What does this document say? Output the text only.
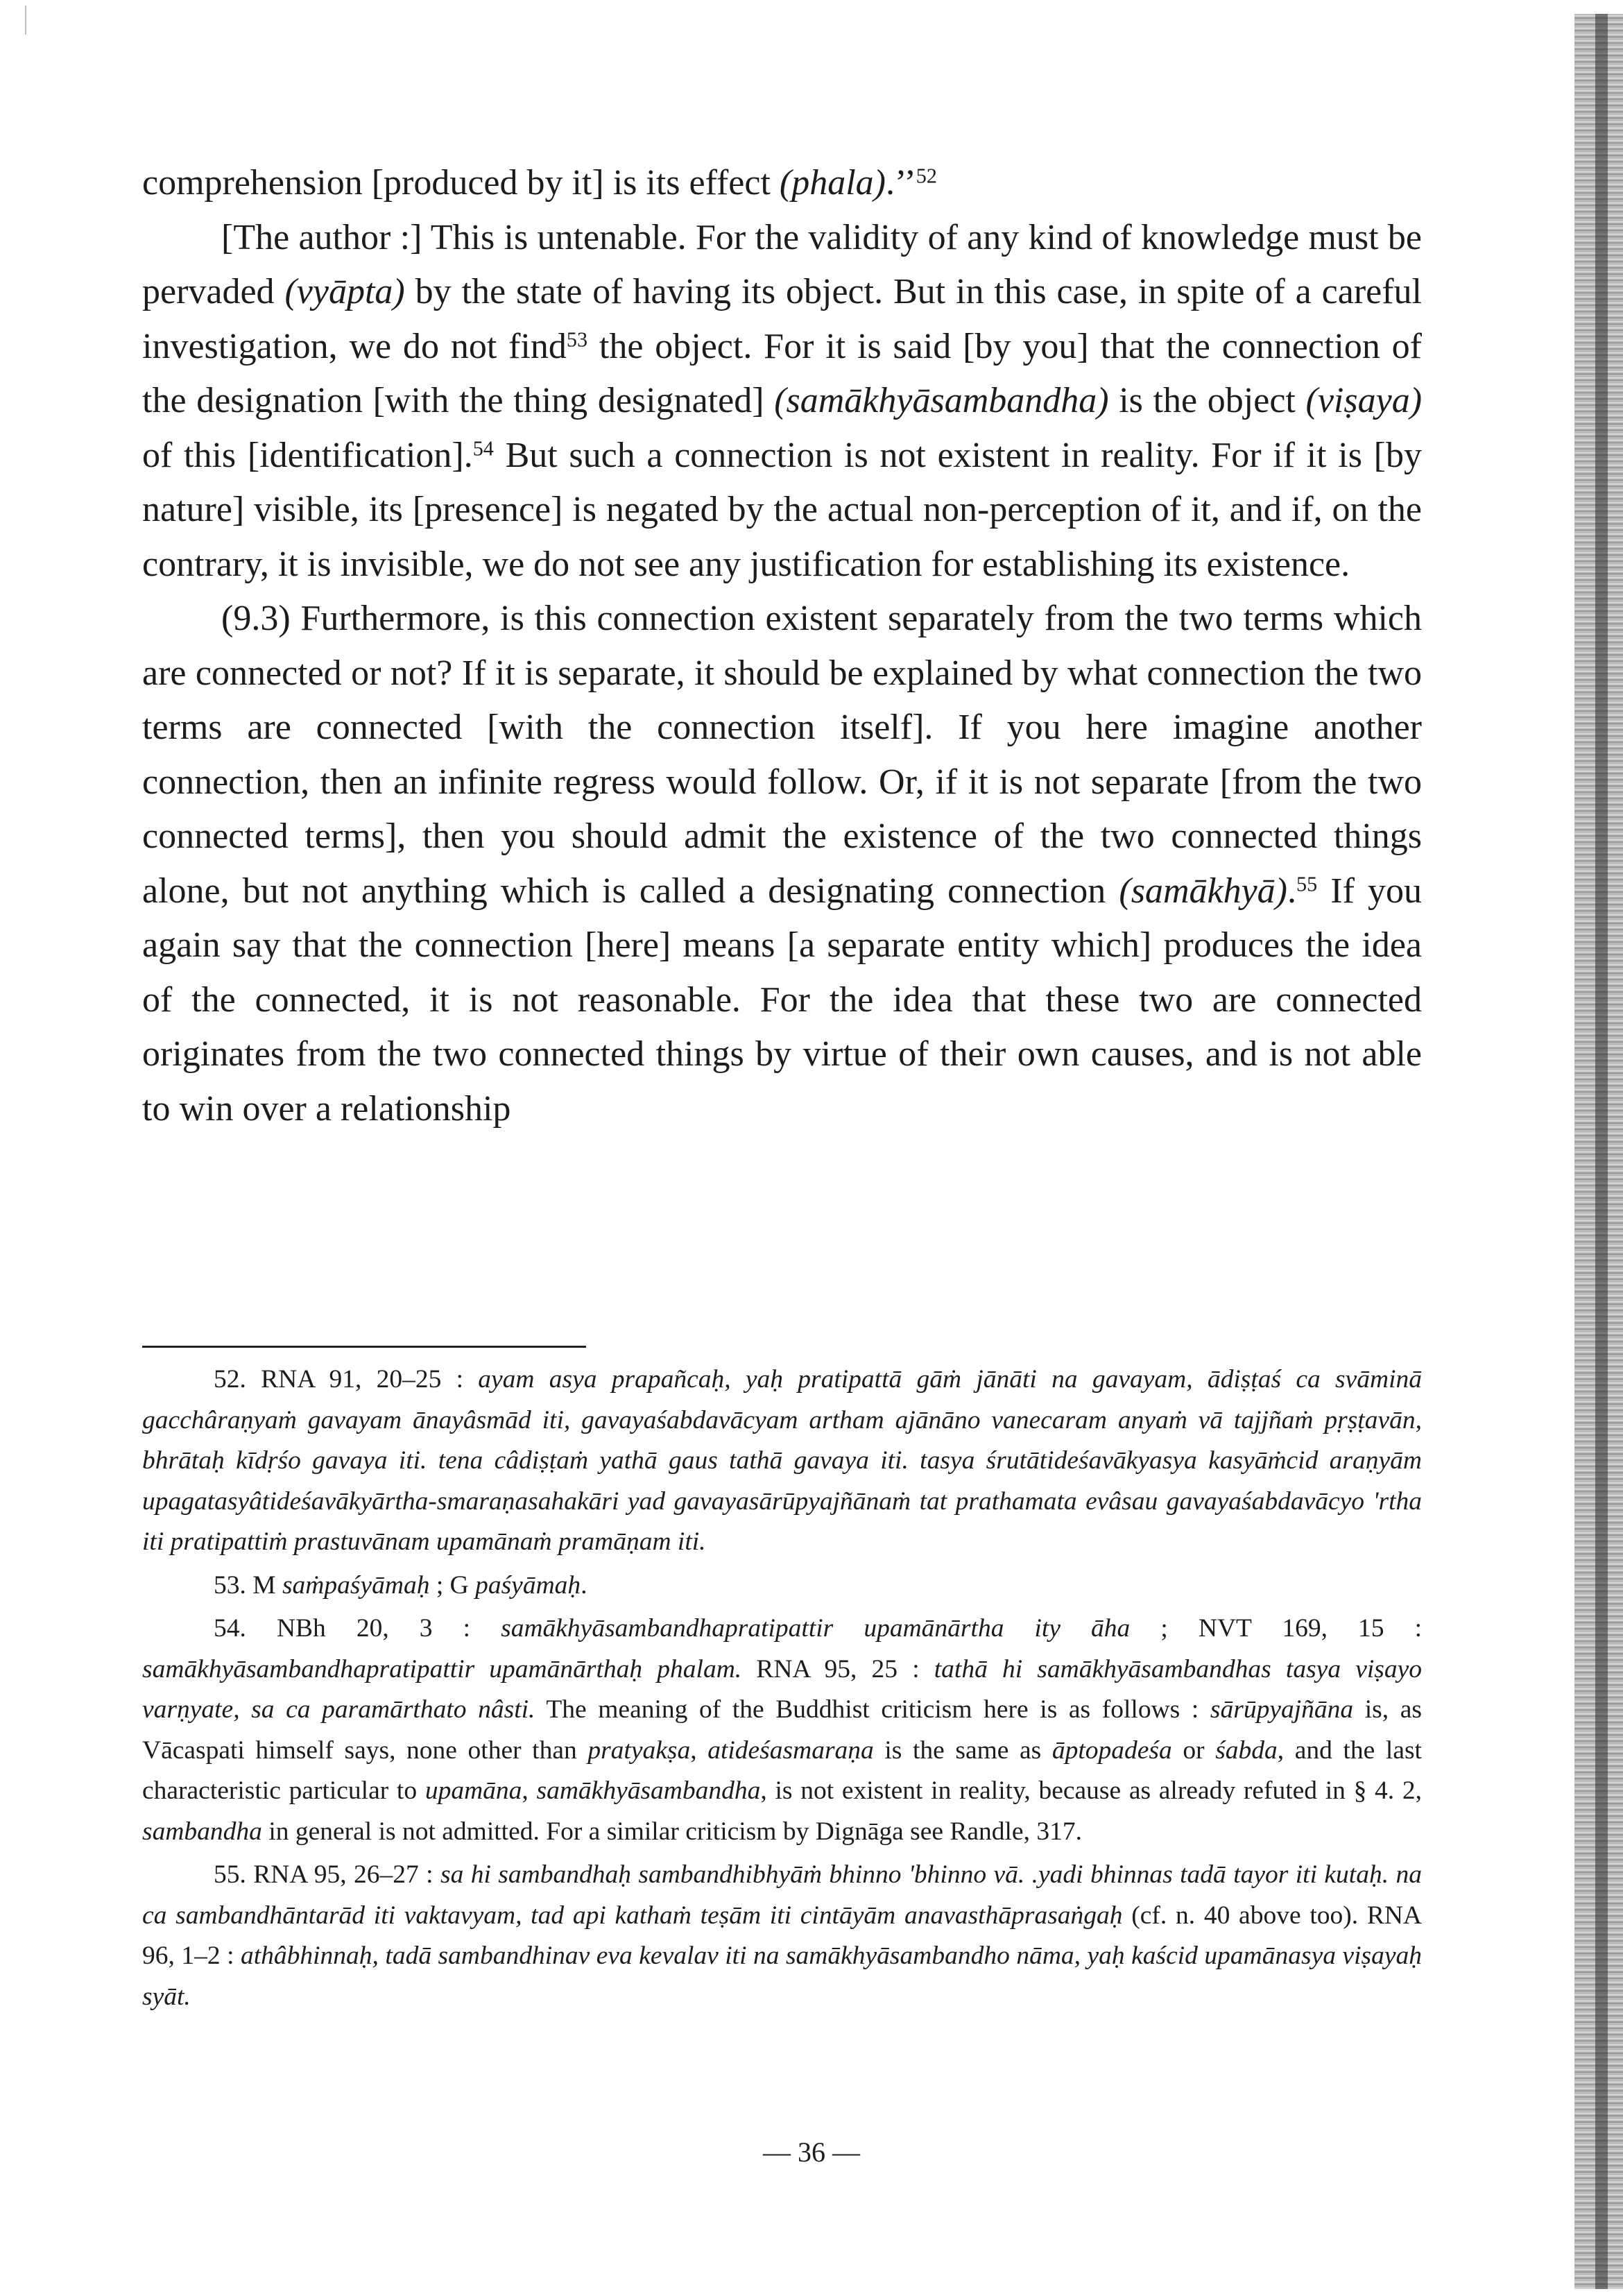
comprehension [produced by it] is its effect (phala).’’$^{52}$

[The author :] This is untenable. For the validity of any kind of knowledge must be pervaded (vyāpta) by the state of having its object. But in this case, in spite of a careful investigation, we do not find$^{53}$ the object. For it is said [by you] that the connection of the designation [with the thing designated] (samākhyāsambandha) is the object (viṣaya) of this [identification].$^{54}$ But such a connection is not existent in reality. For if it is [by nature] visible, its [presence] is negated by the actual non-perception of it, and if, on the contrary, it is invisible, we do not see any justification for establishing its existence.

(9.3) Furthermore, is this connection existent separately from the two terms which are connected or not? If it is separate, it should be explained by what connection the two terms are connected [with the connection itself]. If you here imagine another connection, then an infinite regress would follow. Or, if it is not separate [from the two connected terms], then you should admit the existence of the two connected things alone, but not anything which is called a designating connection (samākhyā).$^{55}$ If you again say that the connection [here] means [a separate entity which] produces the idea of the connected, it is not reasonable. For the idea that these two are connected originates from the two connected things by virtue of their own causes, and is not able to win over a relationship

52. RNA 91, 20–25 : ayam asya prapañcaḥ, yaḥ pratipattā gāṁ jānāti na gavayam, ādiṣṭaś ca svāminā gacchâraṇyaṁ gavayam ānayâsmād iti, gavayaśabdavācyam artham ajānāno vanecaram anyaṁ vā tajjñaṁ pṛṣṭavān, bhrātaḥ kīdṛśo gavaya iti. tena câdiṣṭaṁ yathā gaus tathā gavaya iti. tasya śrutātideśavākyasya kasyāṁcid araṇyām upagatasyâtideśavākyārtha-smaraṇasahakāri yad gavayasārūpyajñānaṁ tat prathamata evâsau gavayaśabdavācyo 'rtha iti pratipattiṁ prastuvānam upamānaṁ pramāṇam iti.

53. M saṁpaśyāmaḥ ; G paśyāmaḥ.

54. NBh 20, 3 : samākhyāsambandhapratipattir upamānārtha ity āha ; NVT 169, 15 : samākhyāsambandhapratipattir upamānārthaḥ phalam. RNA 95, 25 : tathā hi samākhyāsambandhas tasya viṣayo varṇyate, sa ca paramārthato nâsti. The meaning of the Buddhist criticism here is as follows : sārūpyajñāna is, as Vācaspati himself says, none other than pratyakṣa, atideśasmaraṇa is the same as āptopadeśa or śabda, and the last characteristic particular to upamāna, samākhyāsambandha, is not existent in reality, because as already refuted in § 4. 2, sambandha in general is not admitted. For a similar criticism by Dignāga see Randle, 317.

55. RNA 95, 26–27 : sa hi sambandhaḥ sambandhibhyāṁ bhinno 'bhinno vā. .yadi bhinnas tadā tayor iti kutaḥ. na ca sambandhāntarād iti vaktavyam, tad api kathaṁ teṣām iti cintāyām anavasthāprasaṅgaḥ (cf. n. 40 above too). RNA 96, 1–2 : athâbhinnaḥ, tadā sambandhinav eva kevalav iti na samākhyāsambandho nāma, yaḥ kaścid upamānasya viṣayaḥ syāt.

— 36 —
